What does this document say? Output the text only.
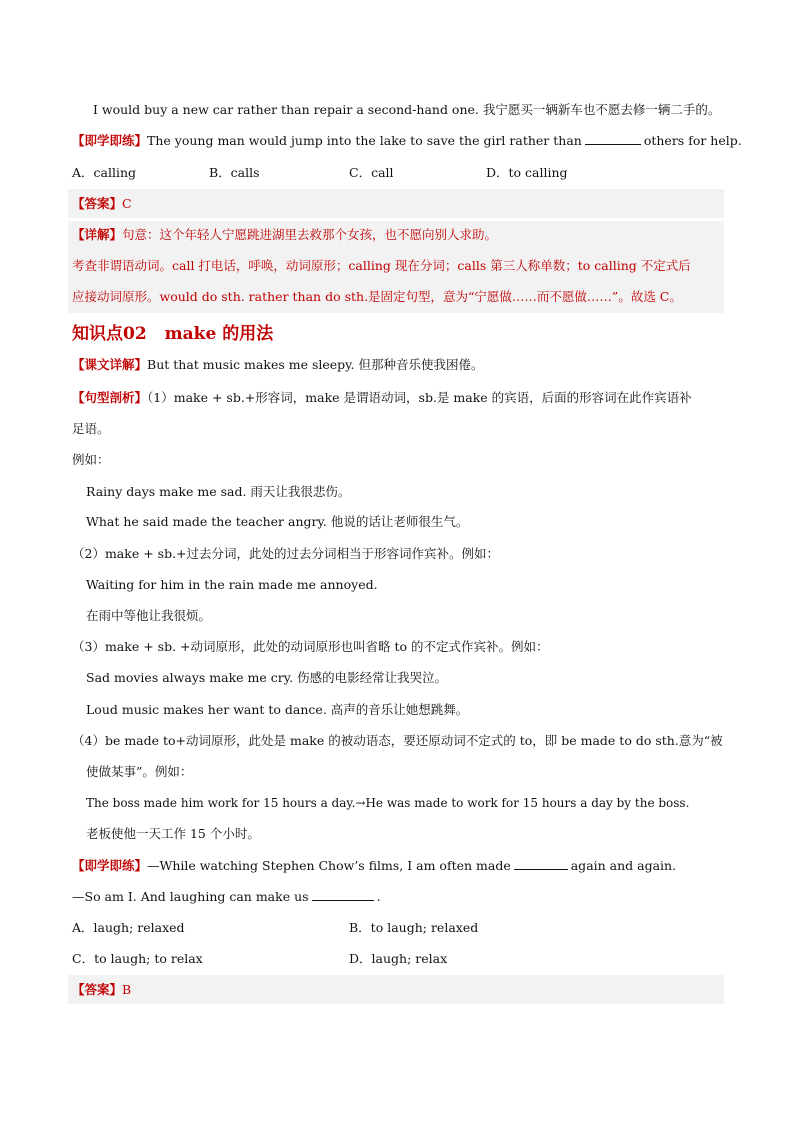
I would buy a new car rather than repair a second-hand one. 我宁愿买一辆新车也不愿去修一辆二手的。
【即学即练】The young man would jump into the lake to save the girl rather than	others for help.
A．calling	B．calls	C．call	D．to calling
【答案】C
【详解】句意：这个年轻人宁愿跳进湖里去救那个女孩，也不愿向别人求助。
考查非谓语动词。call 打电话，呼唤，动词原形；calling 现在分词；calls 第三人称单数；to calling 不定式后
应接动词原形。would do sth. rather than do sth.是固定句型，意为“宁愿做……而不愿做……”。故选 C。
知识点02 make 的用法
【课文详解】But that music makes me sleepy. 但那种音乐使我困倦。
【句型剖析】（1）make + sb.+形容词，make 是谓语动词，sb.是 make 的宾语，后面的形容词在此作宾语补
足语。
例如：
Rainy days make me sad. 雨天让我很悲伤。
What he said made the teacher angry. 他说的话让老师很生气。
（2）make + sb.+过去分词，此处的过去分词相当于形容词作宾补。例如：
Waiting for him in the rain made me annoyed.
在雨中等他让我很烦。
（3）make + sb. +动词原形，此处的动词原形也叫省略 to 的不定式作宾补。例如：
Sad movies always make me cry. 伤感的电影经常让我哭泣。
Loud music makes her want to dance. 高声的音乐让她想跳舞。
（4）be made to+动词原形，此处是 make 的被动语态，要还原动词不定式的 to，即 be made to do sth.意为“被
使做某事”。例如：
The boss made him work for 15 hours a day.→He was made to work for 15 hours a day by the boss.
老板使他一天工作 15 个小时。
【即学即练】—While watching Stephen Chow’s films, I am often made	again and again.
—So am I. And laughing can make us	.
A．laugh; relaxed	B．to laugh; relaxed
C．to laugh; to relax	D．laugh; relax
【答案】B
